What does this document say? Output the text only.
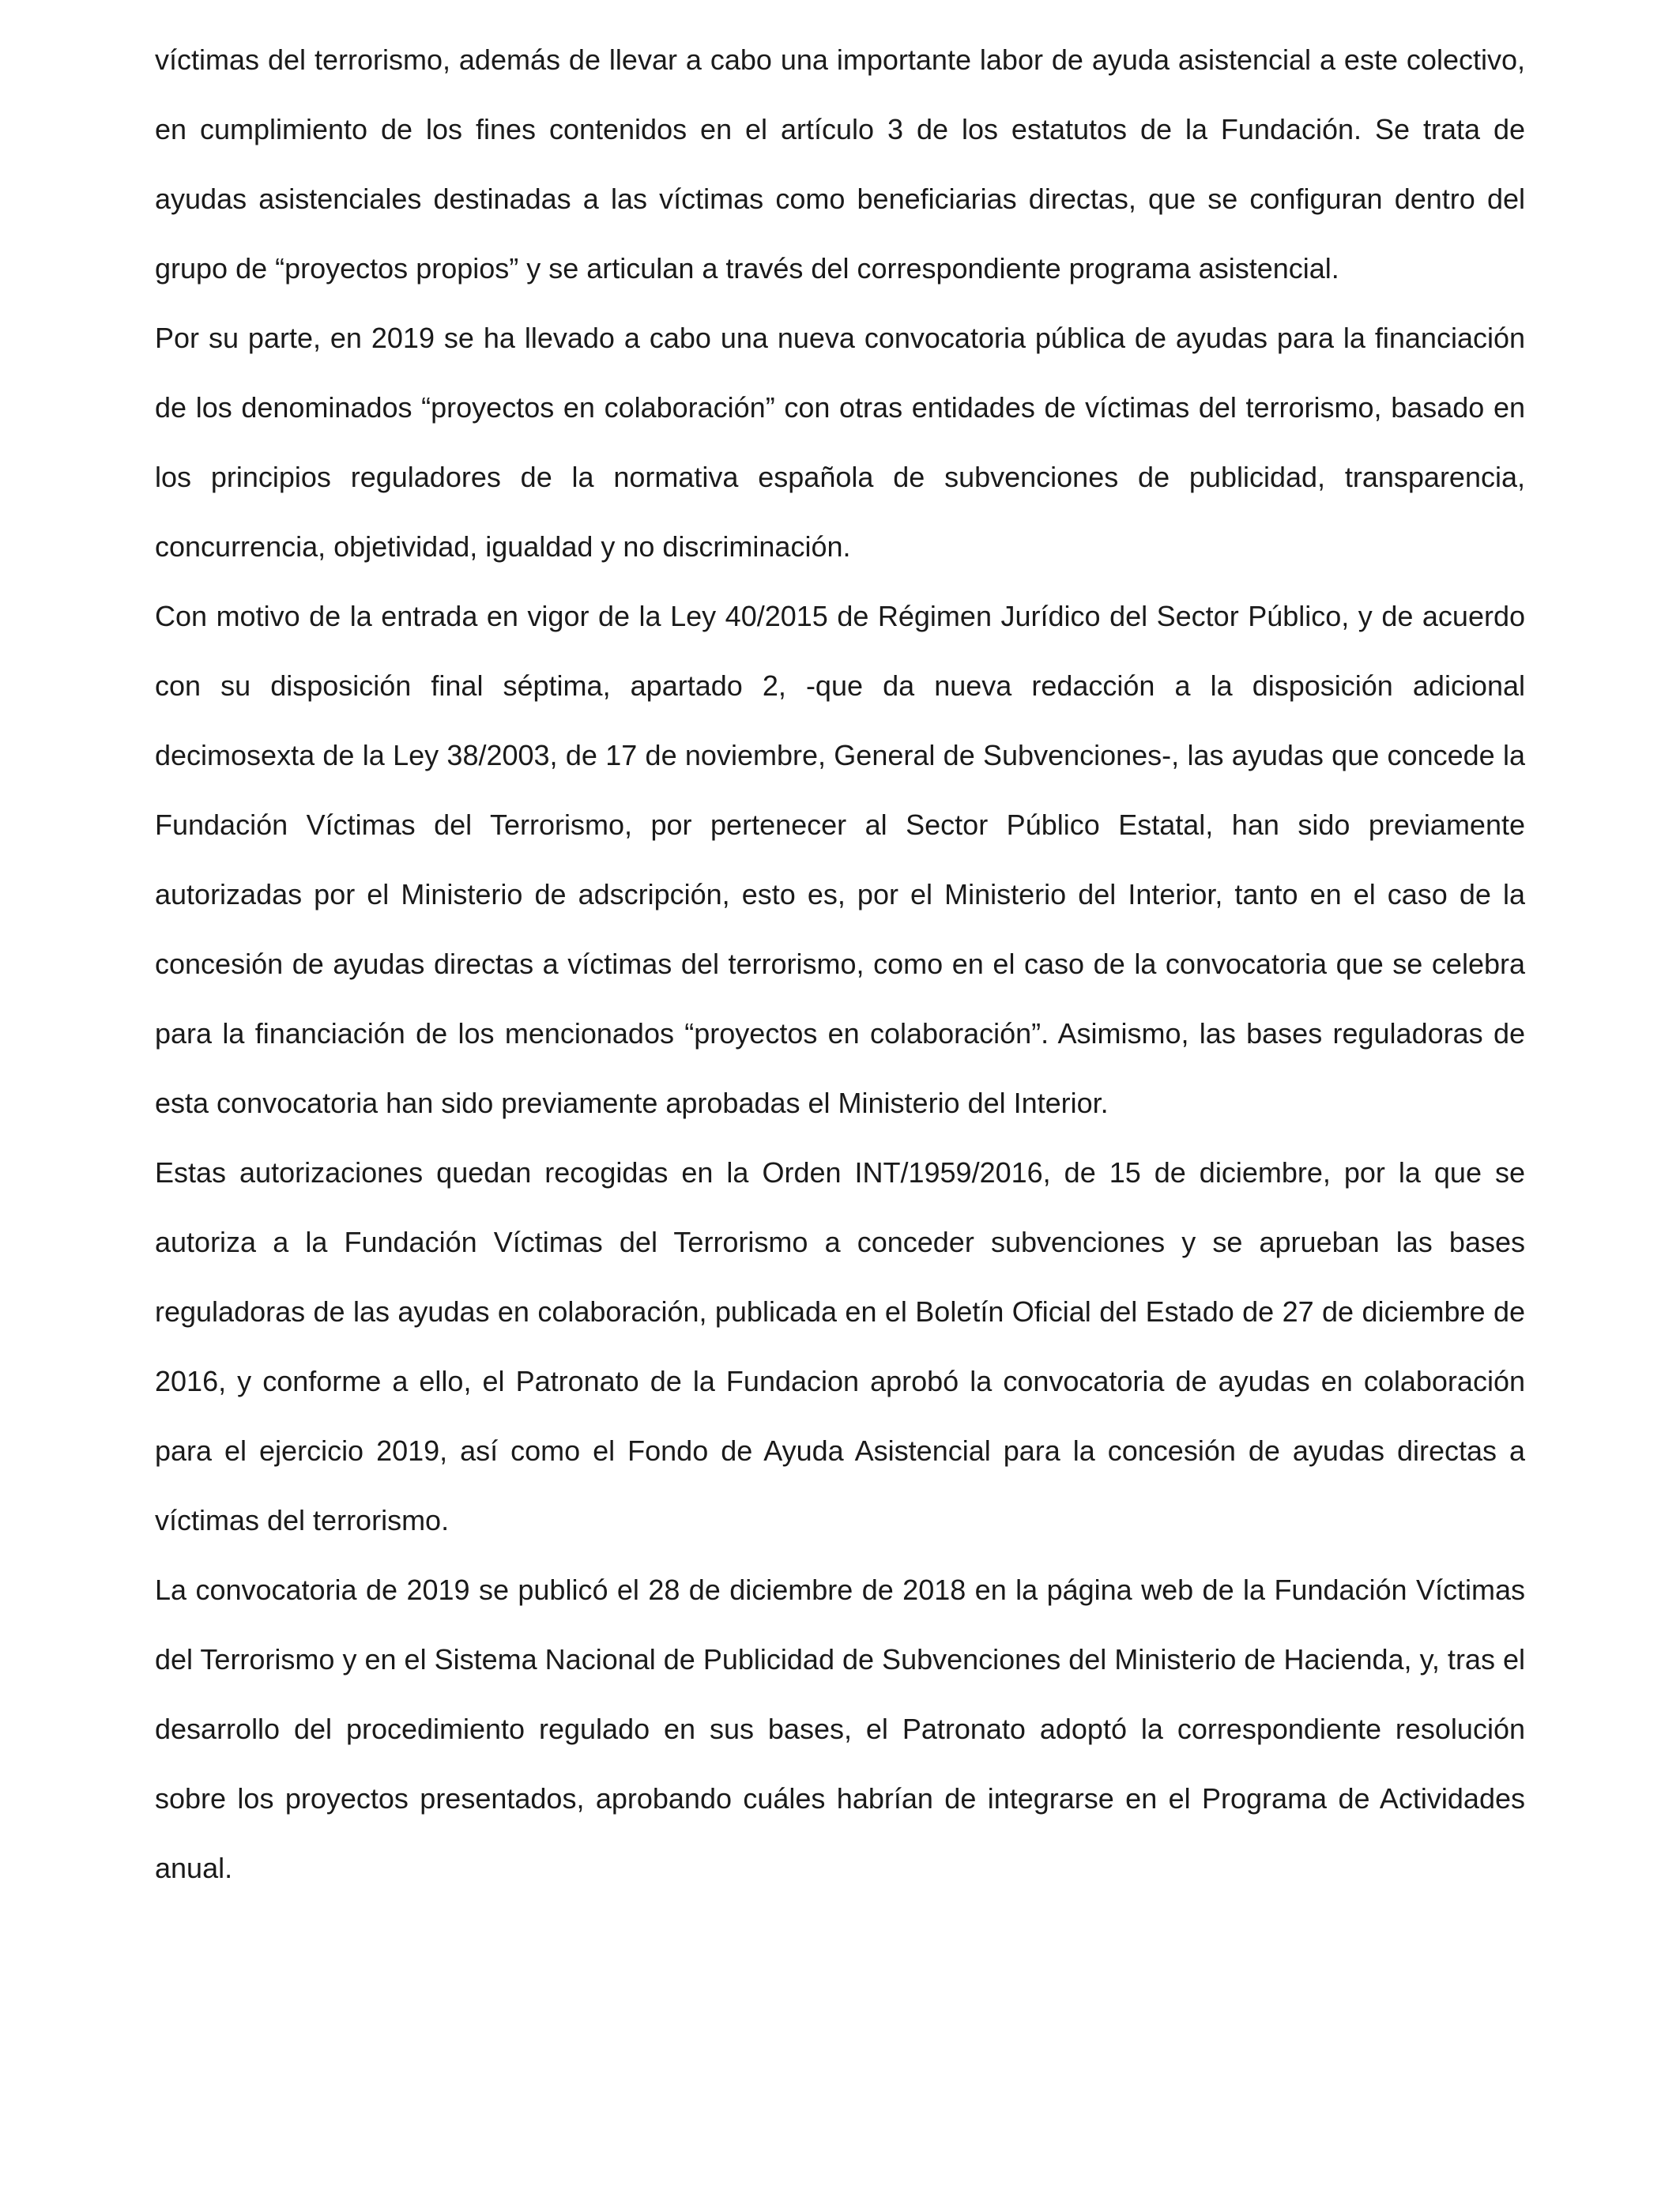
víctimas del terrorismo, además de llevar a cabo una importante labor de ayuda asistencial a este colectivo, en cumplimiento de los fines contenidos en el artículo 3 de los estatutos de la Fundación. Se trata de ayudas asistenciales destinadas a las víctimas como beneficiarias directas, que se configuran dentro del grupo de “proyectos propios” y se articulan a través del correspondiente programa asistencial.

Por su parte, en 2019 se ha llevado a cabo una nueva convocatoria pública de ayudas para la financiación de los denominados “proyectos en colaboración” con otras entidades de víctimas del terrorismo, basado en los principios reguladores de la normativa española de subvenciones de publicidad, transparencia, concurrencia, objetividad, igualdad y no discriminación.

Con motivo de la entrada en vigor de la Ley 40/2015 de Régimen Jurídico del Sector Público, y de acuerdo con su disposición final séptima, apartado 2, -que da nueva redacción a la disposición adicional decimosexta de la Ley 38/2003, de 17 de noviembre, General de Subvenciones-, las ayudas que concede la Fundación Víctimas del Terrorismo, por pertenecer al Sector Público Estatal, han sido previamente autorizadas por el Ministerio de adscripción, esto es, por el Ministerio del Interior, tanto en el caso de la concesión de ayudas directas a víctimas del terrorismo, como en el caso de la convocatoria que se celebra para la financiación de los mencionados “proyectos en colaboración”. Asimismo, las bases reguladoras de esta convocatoria han sido previamente aprobadas el Ministerio del Interior.

Estas autorizaciones quedan recogidas en la Orden INT/1959/2016, de 15 de diciembre, por la que se autoriza a la Fundación Víctimas del Terrorismo a conceder subvenciones y se aprueban las bases reguladoras de las ayudas en colaboración, publicada en el Boletín Oficial del Estado de 27 de diciembre de 2016, y conforme a ello, el Patronato de la Fundacion aprobó la convocatoria de ayudas en colaboración para el ejercicio 2019, así como el Fondo de Ayuda Asistencial para la concesión de ayudas directas a víctimas del terrorismo.

La convocatoria de 2019 se publicó el 28 de diciembre de 2018 en la página web de la Fundación Víctimas del Terrorismo y en el Sistema Nacional de Publicidad de Subvenciones del Ministerio de Hacienda, y, tras el desarrollo del procedimiento regulado en sus bases, el Patronato adoptó la correspondiente resolución sobre los proyectos presentados, aprobando cuáles habrían de integrarse en el Programa de Actividades anual.
